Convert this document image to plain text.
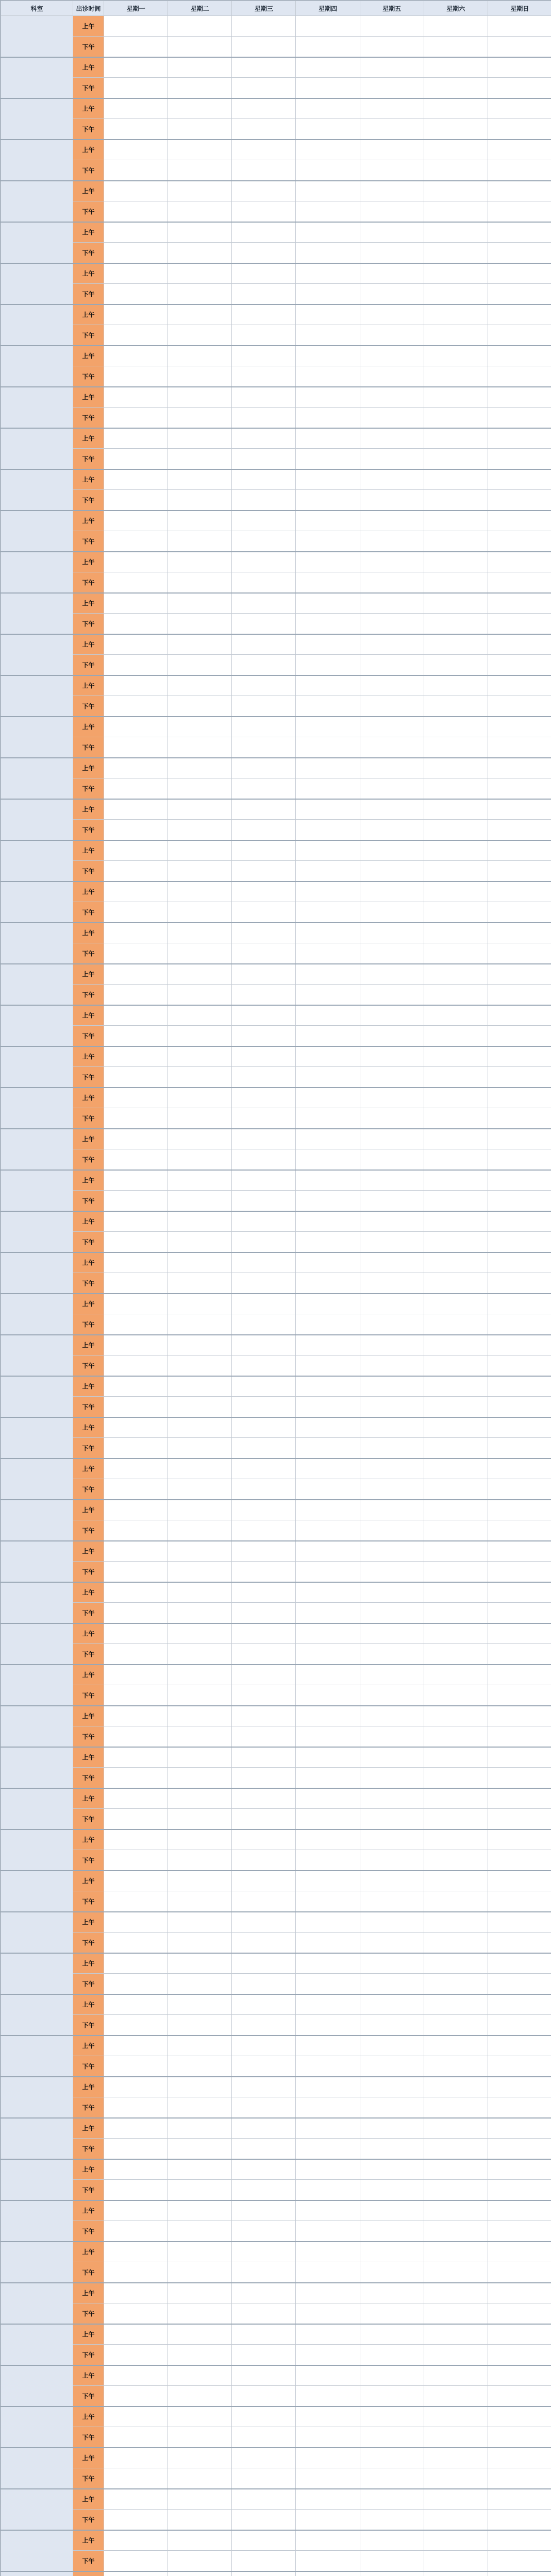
科室	出诊时间	星期一	星期二	星期三	星期四	星期五	星期六	星期日
	上午	

	下午	

	上午	

	下午	

	上午	

	下午	

	上午	

	下午	

	上午	

	下午	

	上午	

	下午	

	上午	

	下午	

	上午	

	下午	

	上午	

	下午	

	上午	

	下午	

	上午	

	下午	

	上午	

	下午	

	上午	

	下午	

	上午	

	下午	

	上午	

	下午	

	上午	

	下午	

	上午	

	下午	

	上午	

	下午	

	上午	

	下午	

	上午	

	下午	

	上午	

	下午	

	上午	

	下午	

	上午	

	下午	

	上午	

	下午	

	上午	

	下午	

	上午	

	下午	

	上午	

	下午	

	上午	

	下午	

	上午	

	下午	

	上午	

	下午	

	上午	

	下午	

	上午	

	下午	

	上午	

	下午	

	上午	

	下午	

	上午	

	下午	

	上午	

	下午	

	上午	

	下午	

	上午	

	下午	

	上午	

	下午	

	上午	

	下午	

	上午	

	下午	

	上午	

	下午	

	上午	

	下午	

	上午	

	下午	

	上午	

	下午	

	上午	

	下午	

	上午	

	下午	

	上午	

	下午	

	上午	

	下午	

	上午	

	下午	

	上午	

	下午	

	上午	

	下午	

	上午	

	下午	

	上午	

	下午	

	上午	

	下午	

	上午	

	下午	

	上午	

	下午	

	上午	

	下午	

	上午	

	下午	

	上午	

	下午	

	上午	

	下午	

	上午	

	下午	
